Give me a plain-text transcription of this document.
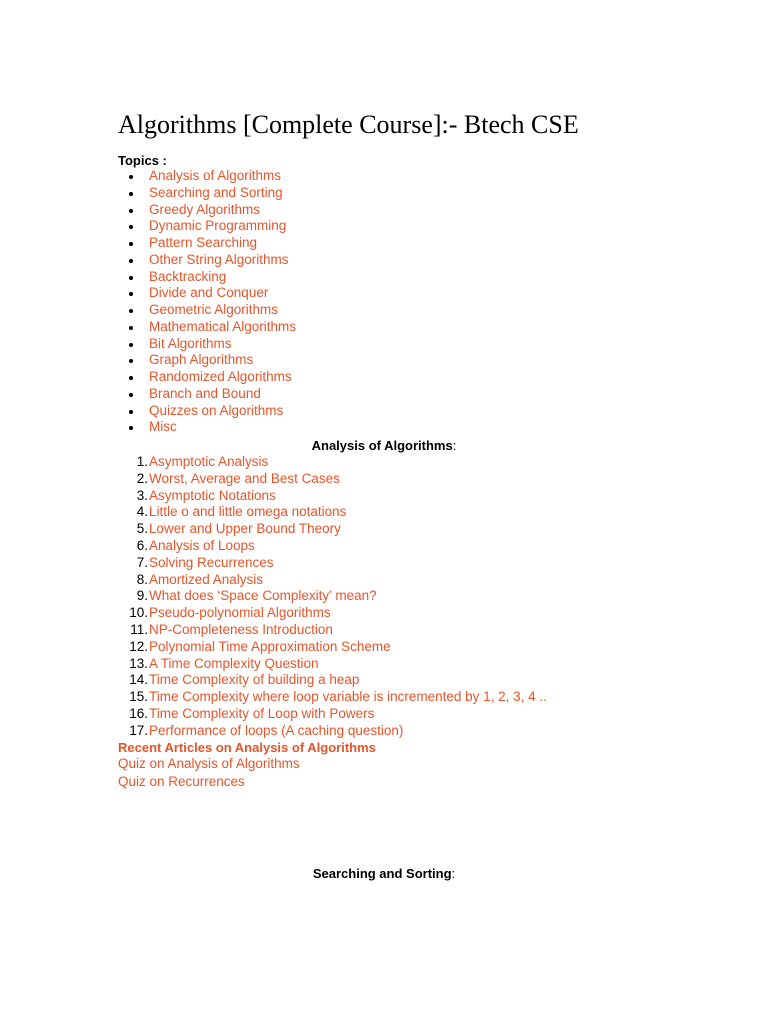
Algorithms [Complete Course]:- Btech CSE
Topics :
Analysis of Algorithms
Searching and Sorting
Greedy Algorithms
Dynamic Programming
Pattern Searching
Other String Algorithms
Backtracking
Divide and Conquer
Geometric Algorithms
Mathematical Algorithms
Bit Algorithms
Graph Algorithms
Randomized Algorithms
Branch and Bound
Quizzes on Algorithms
Misc
Analysis of Algorithms:
1. Asymptotic Analysis
2. Worst, Average and Best Cases
3. Asymptotic Notations
4. Little o and little omega notations
5. Lower and Upper Bound Theory
6. Analysis of Loops
7. Solving Recurrences
8. Amortized Analysis
9. What does ‘Space Complexity’ mean?
10. Pseudo-polynomial Algorithms
11. NP-Completeness Introduction
12. Polynomial Time Approximation Scheme
13. A Time Complexity Question
14. Time Complexity of building a heap
15. Time Complexity where loop variable is incremented by 1, 2, 3, 4 ..
16. Time Complexity of Loop with Powers
17. Performance of loops (A caching question)
Recent Articles on Analysis of Algorithms
Quiz on Analysis of Algorithms
Quiz on Recurrences
Searching and Sorting:
